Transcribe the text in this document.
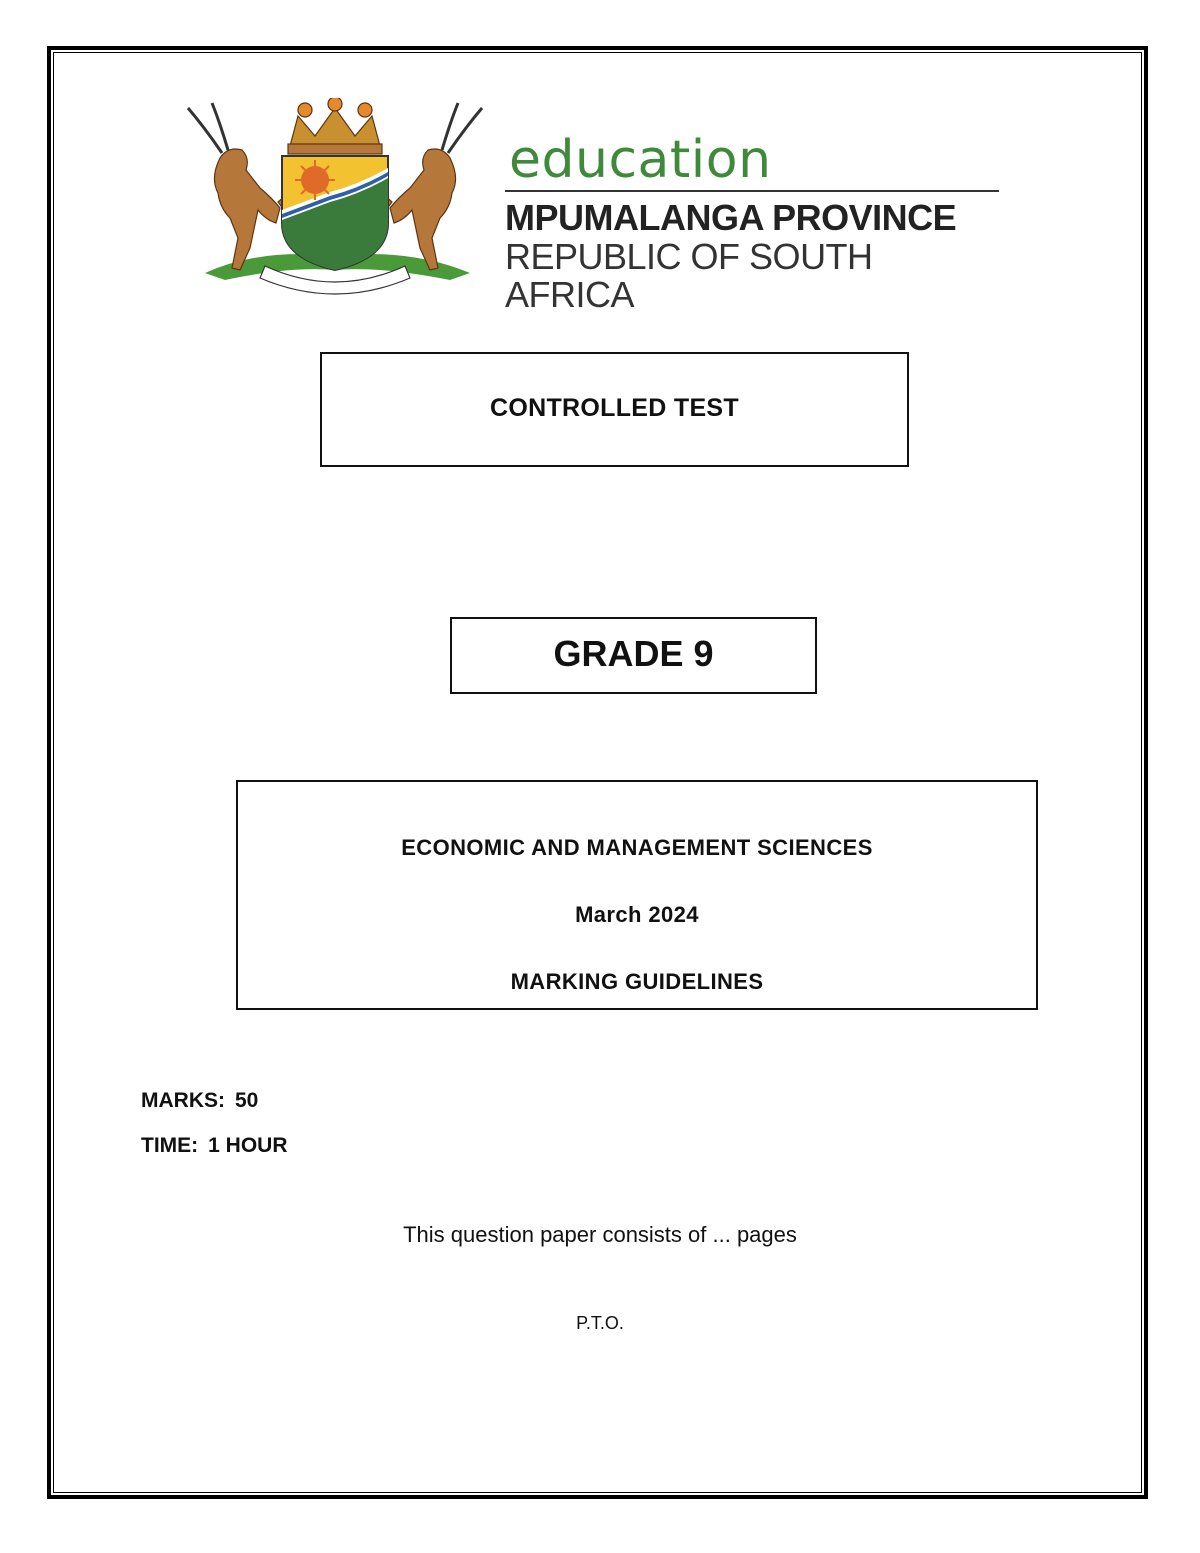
education
MPUMALANGA PROVINCE
REPUBLIC OF SOUTH AFRICA
CONTROLLED TEST
GRADE 9
ECONOMIC AND MANAGEMENT SCIENCES
March 2024
MARKING GUIDELINES
MARKS: 50
TIME: 1 HOUR
This question paper consists of ... pages
P.T.O.
